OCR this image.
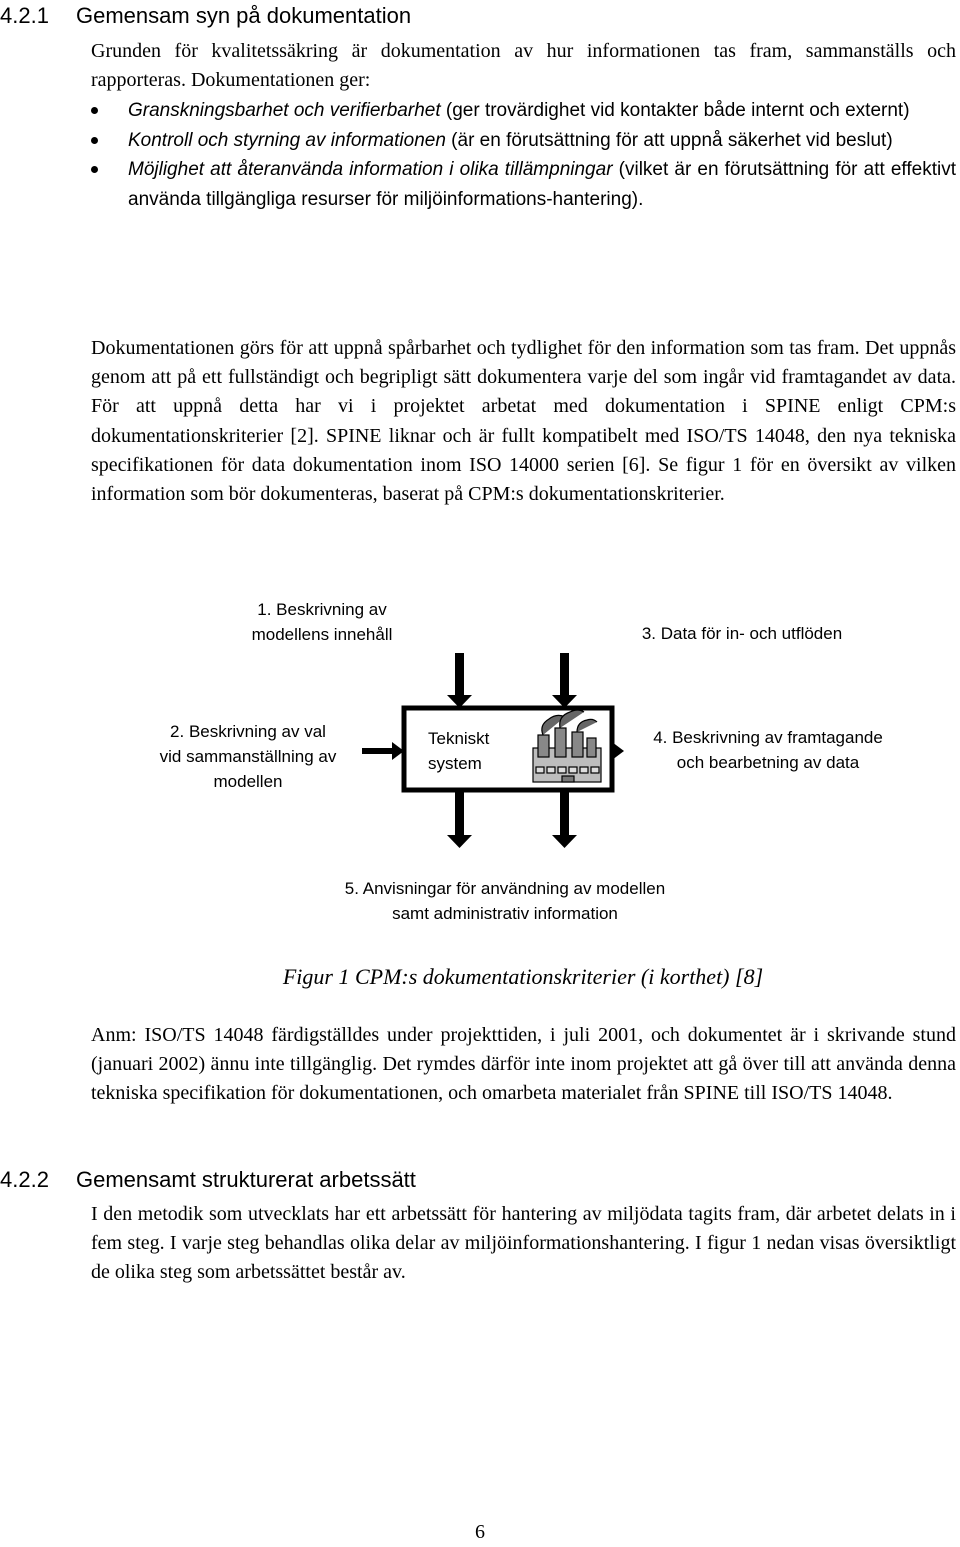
4.2.1 Gemensam syn på dokumentation

Grunden för kvalitetssäkring är dokumentation av hur informationen tas fram, sammanställs och rapporteras. Dokumentationen ger:

Granskningsbarhet och verifierbarhet (ger trovärdighet vid kontakter både internt och externt)
Kontroll och styrning av informationen (är en förutsättning för att uppnå säkerhet vid beslut)
Möjlighet att återanvända information i olika tillämpningar (vilket är en förutsättning för att effektivt använda tillgängliga resurser för miljöinformations-hantering).

Dokumentationen görs för att uppnå spårbarhet och tydlighet för den information som tas fram. Det uppnås genom att på ett fullständigt och begripligt sätt dokumentera varje del som ingår vid framtagandet av data. För att uppnå detta har vi i projektet arbetat med dokumentation i SPINE enligt CPM:s dokumentationskriterier [2]. SPINE liknar och är fullt kompatibelt med ISO/TS 14048, den nya tekniska specifikationen för data dokumentation inom ISO 14000 serien [6]. Se figur 1 för en översikt av vilken information som bör dokumenteras, baserat på CPM:s dokumentationskriterier.

1. Beskrivning av
modellens innehåll	3. Data för in- och utflöden
2. Beskrivning av val
vid sammanställning av
modellen
Tekniskt
system
4. Beskrivning av framtagande
och bearbetning av data
5. Anvisningar för användning av modellen
samt administrativ information
Figur 1 CPM:s dokumentationskriterier (i korthet) [8]

Anm: ISO/TS 14048 färdigställdes under projekttiden, i juli 2001, och dokumentet är i skrivande stund (januari 2002) ännu inte tillgänglig. Det rymdes därför inte inom projektet att gå över till att använda denna tekniska specifikation för dokumentationen, och omarbeta materialet från SPINE till ISO/TS 14048.

4.2.2 Gemensamt strukturerat arbetssätt

I den metodik som utvecklats har ett arbetssätt för hantering av miljödata tagits fram, där arbetet delats in i fem steg. I varje steg behandlas olika delar av miljöinformationshantering. I figur 1 nedan visas översiktligt de olika steg som arbetssättet består av.

6
